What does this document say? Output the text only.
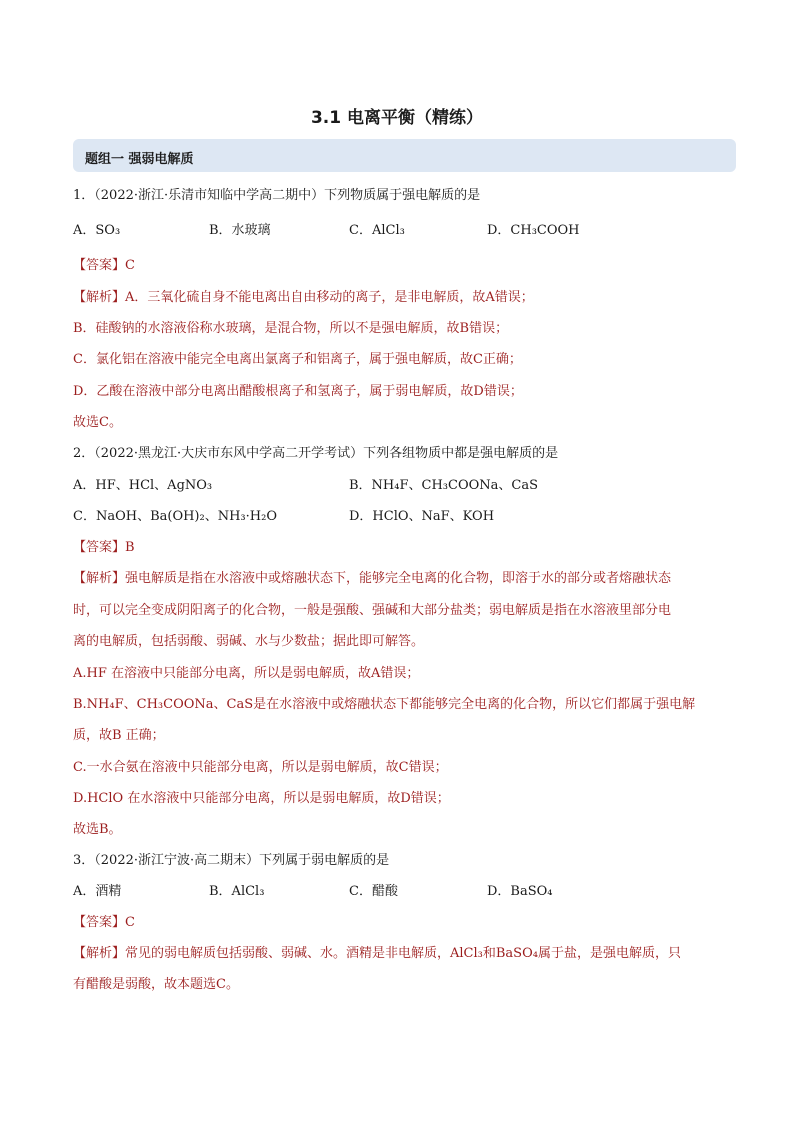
3.1 电离平衡（精练）
题组一 强弱电解质
1．（2022·浙江·乐清市知临中学高二期中）下列物质属于强电解质的是
A．SO₃	B．水玻璃	C．AlCl₃	D．CH₃COOH
【答案】C
【解析】A．三氧化硫自身不能电离出自由移动的离子，是非电解质，故A错误；
B．硅酸钠的水溶液俗称水玻璃，是混合物，所以不是强电解质，故B错误；
C．氯化铝在溶液中能完全电离出氯离子和铝离子，属于强电解质，故C正确；
D．乙酸在溶液中部分电离出醋酸根离子和氢离子，属于弱电解质，故D错误；
故选C。
2．（2022·黑龙江·大庆市东风中学高二开学考试）下列各组物质中都是强电解质的是
A．HF、HCl、AgNO₃	B．NH₄F、CH₃COONa、CaS
C．NaOH、Ba(OH)₂、NH₃·H₂O	D．HClO、NaF、KOH
【答案】B
【解析】强电解质是指在水溶液中或熔融状态下，能够完全电离的化合物，即溶于水的部分或者熔融状态
时，可以完全变成阴阳离子的化合物，一般是强酸、强碱和大部分盐类；弱电解质是指在水溶液里部分电
离的电解质，包括弱酸、弱碱、水与少数盐；据此即可解答。
A.HF 在溶液中只能部分电离，所以是弱电解质，故A错误；
B.NH₄F、CH₃COONa、CaS是在水溶液中或熔融状态下都能够完全电离的化合物，所以它们都属于强电解
质，故B 正确；
C.一水合氨在溶液中只能部分电离，所以是弱电解质，故C错误；
D.HClO 在水溶液中只能部分电离，所以是弱电解质，故D错误；
故选B。
3．（2022·浙江宁波·高二期末）下列属于弱电解质的是
A．酒精	B．AlCl₃	C．醋酸	D．BaSO₄
【答案】C
【解析】常见的弱电解质包括弱酸、弱碱、水。酒精是非电解质，AlCl₃和BaSO₄属于盐，是强电解质，只
有醋酸是弱酸，故本题选C。
